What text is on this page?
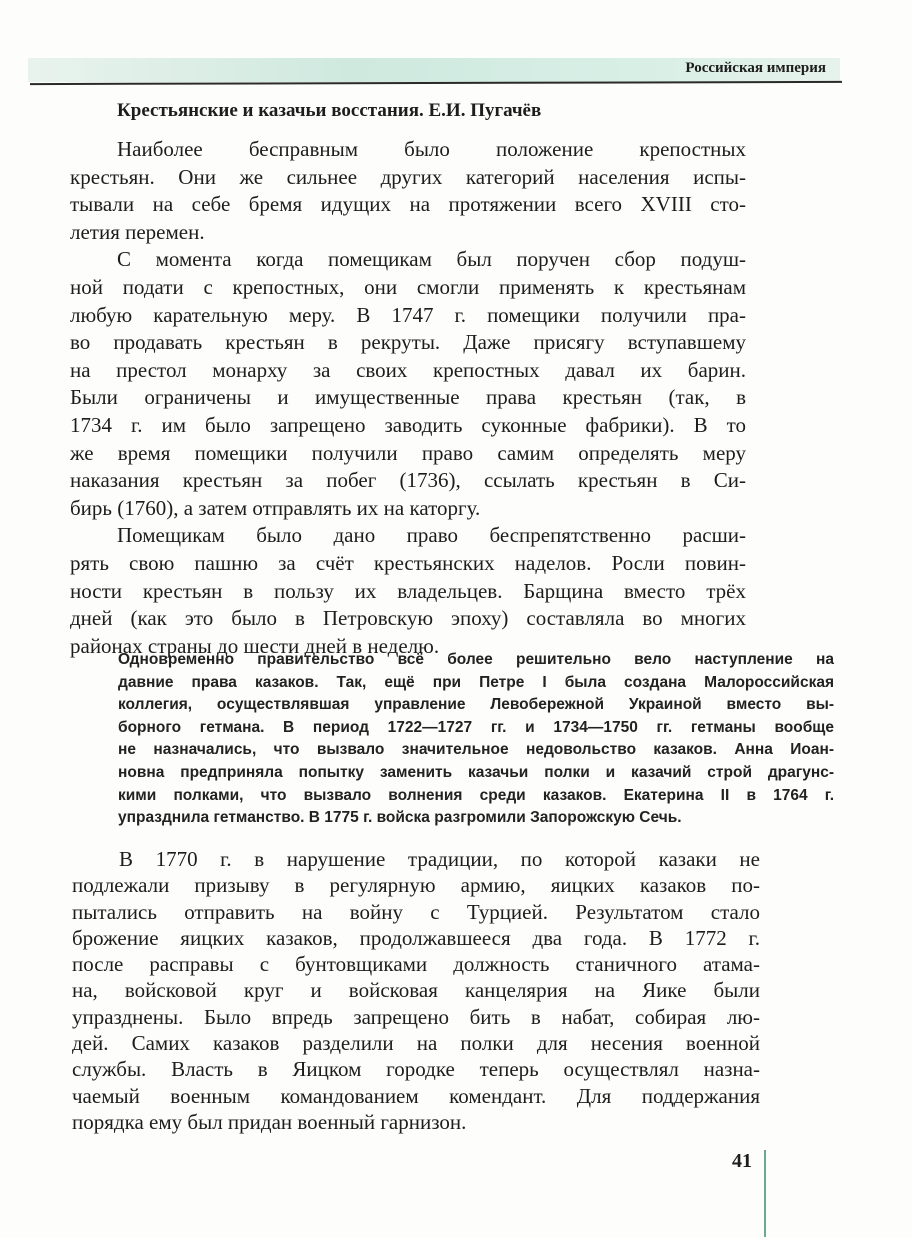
Российская империя
Крестьянские и казачьи восстания. Е.И. Пугачёв
Наиболее бесправным было положение крепостных
крестьян. Они же сильнее других категорий населения испы-
тывали на себе бремя идущих на протяжении всего XVIII сто-
летия перемен.
С момента когда помещикам был поручен сбор подуш-
ной подати с крепостных, они смогли применять к крестьянам
любую карательную меру. В 1747 г. помещики получили пра-
во продавать крестьян в рекруты. Даже присягу вступавшему
на престол монарху за своих крепостных давал их барин.
Были ограничены и имущественные права крестьян (так, в
1734 г. им было запрещено заводить суконные фабрики). В то
же время помещики получили право самим определять меру
наказания крестьян за побег (1736), ссылать крестьян в Си-
бирь (1760), а затем отправлять их на каторгу.
Помещикам было дано право беспрепятственно расши-
рять свою пашню за счёт крестьянских наделов. Росли повин-
ности крестьян в пользу их владельцев. Барщина вместо трёх
дней (как это было в Петровскую эпоху) составляла во многих
районах страны до шести дней в неделю.
Одновременно правительство всё более решительно вело наступление на
давние права казаков. Так, ещё при Петре I была создана Малороссийская
коллегия, осуществлявшая управление Левобережной Украиной вместо вы-
борного гетмана. В период 1722—1727 гг. и 1734—1750 гг. гетманы вообще
не назначались, что вызвало значительное недовольство казаков. Анна Иоан-
новна предприняла попытку заменить казачьи полки и казачий строй драгунс-
кими полками, что вызвало волнения среди казаков. Екатерина II в 1764 г.
упразднила гетманство. В 1775 г. войска разгромили Запорожскую Сечь.
В 1770 г. в нарушение традиции, по которой казаки не
подлежали призыву в регулярную армию, яицких казаков по-
пытались отправить на войну с Турцией. Результатом стало
брожение яицких казаков, продолжавшееся два года. В 1772 г.
после расправы с бунтовщиками должность станичного атама-
на, войсковой круг и войсковая канцелярия на Яике были
упразднены. Было впредь запрещено бить в набат, собирая лю-
дей. Самих казаков разделили на полки для несения военной
службы. Власть в Яицком городке теперь осуществлял назна-
чаемый военным командованием комендант. Для поддержания
порядка ему был придан военный гарнизон.
41
